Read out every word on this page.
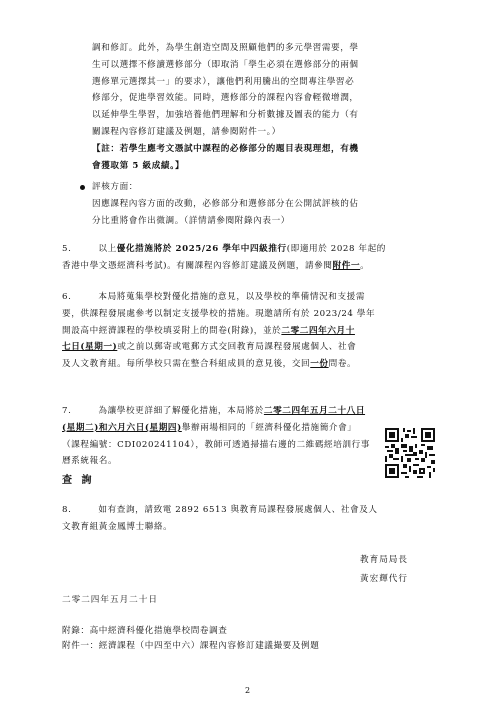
調和修訂。此外，為學生創造空間及照顧他們的多元學習需要，學
生可以選擇不修讀選修部分（即取消「學生必須在選修部分的兩個
選修單元選擇其一」的要求），讓他們利用騰出的空間專注學習必
修部分，促進學習效能。同時，選修部分的課程內容會輕微增潤，
以延伸學生學習，加強培養他們理解和分析數據及圖表的能力（有
關課程內容修訂建議及例題，請參閱附件一。）
【註：若學生應考文憑試中課程的必修部分的題目表現理想，有機
會獲取第 5 級成績。】
評核方面：
因應課程內容方面的改動，必修部分和選修部分在公開試評核的佔
分比重將會作出微調。（詳情請參閱附錄內表一）
5.	以上優化措施將於 2025/26 學年中四級推行(即適用於 2028 年起的
香港中學文憑經濟科考試)。有關課程內容修訂建議及例題，請參閱附件一。
6.	本局將蒐集學校對優化措施的意見，以及學校的準備情況和支援需
要，供課程發展處參考以制定支援學校的措施。現邀請所有於 2023/24 學年
開設高中經濟課程的學校填妥附上的問卷(附錄)，並於二零二四年六月十
七日(星期一)或之前以郵寄或電郵方式交回教育局課程發展處個人、社會
及人文教育組。每所學校只需在整合科組成員的意見後，交回一份問卷。
7.	為讓學校更詳細了解優化措施，本局將於二零二四年五月二十八日
(星期二)和六月六日(星期四)舉辦兩場相同的「經濟科優化措施簡介會」
（課程編號：CDI020241104），教師可透過掃描右邊的二維碼經培訓行事
曆系統報名。
查 詢
8.	如有查詢，請致電 2892 6513 與教育局課程發展處個人、社會及人
文教育組黃金鳳博士聯絡。
教育局局長
黃宏輝代行
二零二四年五月二十日
附錄：高中經濟科優化措施學校問卷調查
附件一：經濟課程（中四至中六）課程內容修訂建議撮要及例題
2
